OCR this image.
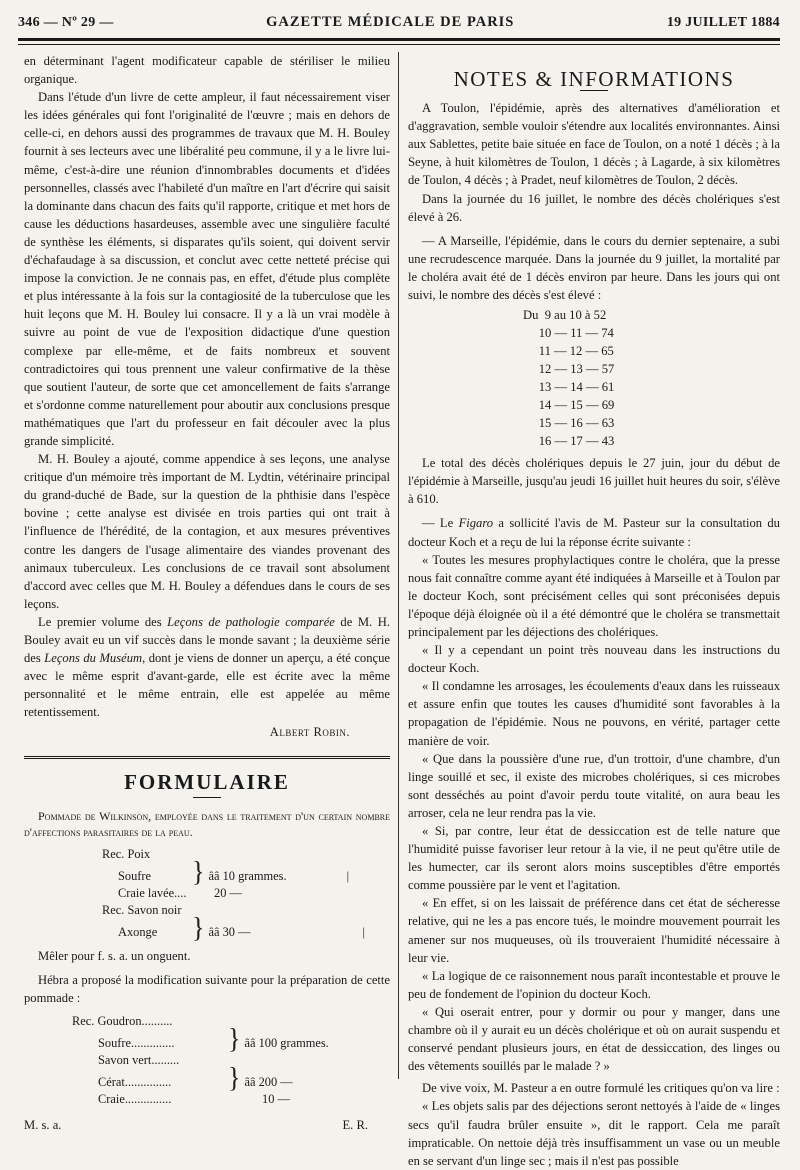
346 — Nº 29 —	GAZETTE MÉDICALE DE PARIS	19 JUILLET 1884

en déterminant l'agent modificateur capable de stériliser le milieu organique.

Dans l'étude d'un livre de cette ampleur, il faut nécessairement viser les idées générales qui font l'originalité de l'œuvre ; mais en dehors de celle-ci, en dehors aussi des programmes de travaux que M. H. Bouley fournit à ses lecteurs avec une libéralité peu commune, il y a le livre lui-même, c'est-à-dire une réunion d'innombrables documents et d'idées personnelles, classés avec l'habileté d'un maître en l'art d'écrire qui saisit la dominante dans chacun des faits qu'il rapporte, critique et met hors de cause les déductions hasardeuses, assemble avec une singulière faculté de synthèse les éléments, si disparates qu'ils soient, qui doivent servir d'échafaudage à sa discussion, et conclut avec cette netteté précise qui impose la conviction. Je ne connais pas, en effet, d'étude plus complète et plus intéressante à la fois sur la contagiosité de la tuberculose que les huit leçons que M. H. Bouley lui consacre. Il y a là un vrai modèle à suivre au point de vue de l'exposition didactique d'une question complexe par elle-même, et de faits nombreux et souvent contradictoires qui tous prennent une valeur confirmative de la thèse que soutient l'auteur, de sorte que cet amoncellement de faits s'arrange et s'ordonne comme naturellement pour aboutir aux conclusions presque mathématiques que l'art du professeur en fait découler avec la plus grande simplicité.

M. H. Bouley a ajouté, comme appendice à ses leçons, une analyse critique d'un mémoire très important de M. Lydtin, vétérinaire principal du grand-duché de Bade, sur la question de la phthisie dans l'espèce bovine ; cette analyse est divisée en trois parties qui ont trait à l'influence de l'hérédité, de la contagion, et aux mesures préventives contre les dangers de l'usage alimentaire des viandes provenant des animaux tuberculeux. Les conclusions de ce travail sont absolument d'accord avec celles que M. H. Bouley a défendues dans le cours de ses leçons.

Le premier volume des Leçons de pathologie comparée de M. H. Bouley avait eu un vif succès dans le monde savant ; la deuxième série des Leçons du Muséum, dont je viens de donner un aperçu, a été conçue avec le même esprit d'avant-garde, elle est écrite avec la même personnalité et le même entrain, elle est appelée au même retentissement.

Albert Robin.

FORMULAIRE

Pommade de Wilkinson, employée dans le traitement d'un certain nombre d'affections parasitaires de la peau.

Rec. Poix
Soufre	} ââ 10 grammes.	|
Craie lavée....	20 —
Rec. Savon noir
Axonge	} ââ 30 —	|

Mêler pour f. s. a. un onguent.

Hébra a proposé la modification suivante pour la préparation de cette pommade :

Rec. Goudron..........
Soufre..............	} ââ 100 grammes.
Savon vert.........
Cérat...............	} ââ 200 —
Craie...............	10 —
M. s. a.	E. R.
NOTES & INFORMATIONS

A Toulon, l'épidémie, après des alternatives d'amélioration et d'aggravation, semble vouloir s'étendre aux localités environnantes. Ainsi aux Sablettes, petite baie située en face de Toulon, on a noté 1 décès ; à la Seyne, à huit kilomètres de Toulon, 1 décès ; à Lagarde, à six kilomètres de Toulon, 4 décès ; à Pradet, neuf kilomètres de Toulon, 2 décès.

Dans la journée du 16 juillet, le nombre des décès cholériques s'est élevé à 26.

— A Marseille, l'épidémie, dans le cours du dernier septenaire, a subi une recrudescence marquée. Dans la journée du 9 juillet, la mortalité par le choléra avait été de 1 décès environ par heure. Dans les jours qui ont suivi, le nombre des décès s'est élevé :

Du  9 au 10 à 52
10 — 11 — 74
11 — 12 — 65
12 — 13 — 57
13 — 14 — 61
14 — 15 — 69
15 — 16 — 63
16 — 17 — 43

Le total des décès cholériques depuis le 27 juin, jour du début de l'épidémie à Marseille, jusqu'au jeudi 16 juillet huit heures du soir, s'élève à 610.

— Le Figaro a sollicité l'avis de M. Pasteur sur la consultation du docteur Koch et a reçu de lui la réponse écrite suivante :

« Toutes les mesures prophylactiques contre le choléra, que la presse nous fait connaître comme ayant été indiquées à Marseille et à Toulon par le docteur Koch, sont précisément celles qui sont préconisées depuis l'époque déjà éloignée où il a été démontré que le choléra se transmettait principalement par les déjections des cholériques.

« Il y a cependant un point très nouveau dans les instructions du docteur Koch.

« Il condamne les arrosages, les écoulements d'eaux dans les ruisseaux et assure enfin que toutes les causes d'humidité sont favorables à la propagation de l'épidémie. Nous ne pouvons, en vérité, partager cette manière de voir.

« Que dans la poussière d'une rue, d'un trottoir, d'une chambre, d'un linge souillé et sec, il existe des microbes cholériques, si ces microbes sont desséchés au point d'avoir perdu toute vitalité, on aura beau les arroser, cela ne leur rendra pas la vie.

« Si, par contre, leur état de dessiccation est de telle nature que l'humidité puisse favoriser leur retour à la vie, il ne peut qu'être utile de les humecter, car ils seront alors moins susceptibles d'être emportés comme poussière par le vent et l'agitation.

« En effet, si on les laissait de préférence dans cet état de sécheresse relative, qui ne les a pas encore tués, le moindre mouvement pourrait les amener sur nos muqueuses, où ils trouveraient l'humidité nécessaire à leur vie.

« La logique de ce raisonnement nous paraît incontestable et prouve le peu de fondement de l'opinion du docteur Koch.

« Qui oserait entrer, pour y dormir ou pour y manger, dans une chambre où il y aurait eu un décès cholérique et où on aurait suspendu et conservé pendant plusieurs jours, en état de dessiccation, des linges ou des vêtements souillés par le malade ? »

De vive voix, M. Pasteur a en outre formulé les critiques qu'on va lire :

« Les objets salis par des déjections seront nettoyés à l'aide de « linges secs qu'il faudra brûler ensuite », dit le rapport. Cela me paraît impraticable. On nettoie déjà très insuffisamment un vase ou un meuble en se servant d'un linge sec ; mais il n'est pas possible
